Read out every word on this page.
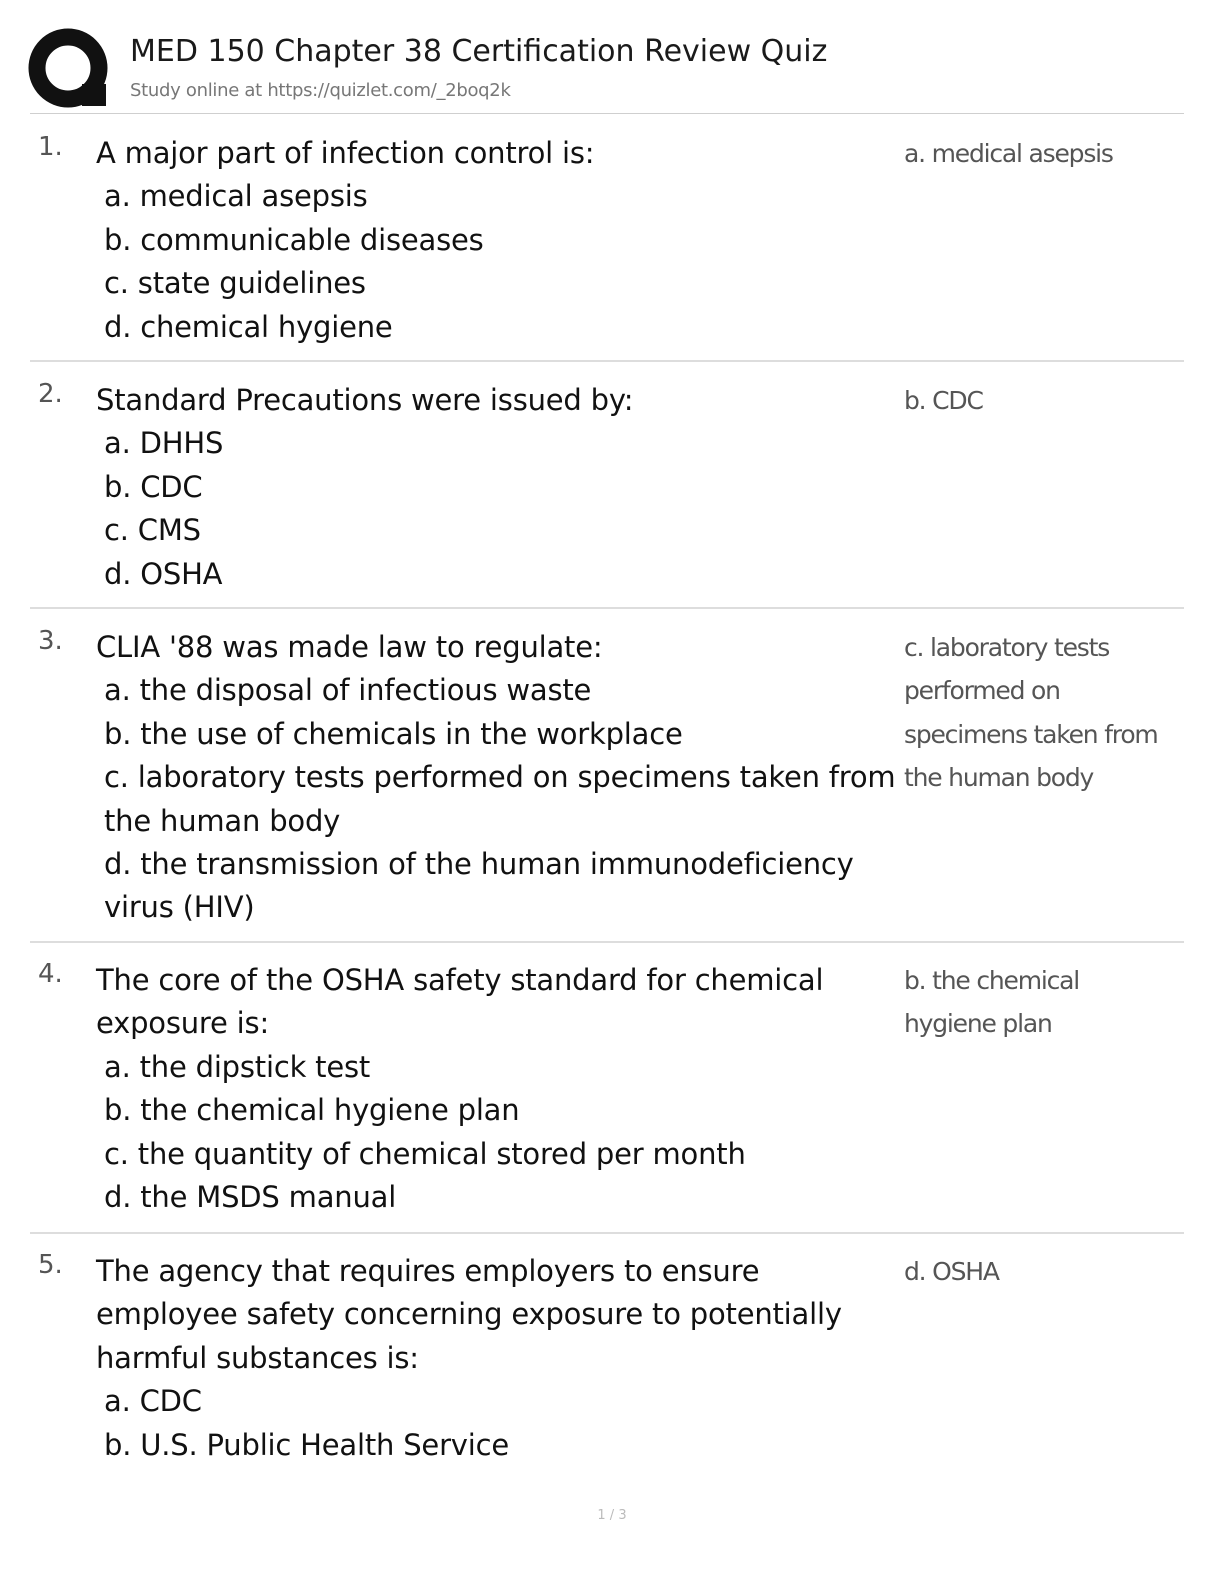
MED 150 Chapter 38 Certification Review Quiz
Study online at https://quizlet.com/_2boq2k
1. A major part of infection control is:
a. medical asepsis
b. communicable diseases
c. state guidelines
d. chemical hygiene
a. medical asepsis
2. Standard Precautions were issued by:
a. DHHS
b. CDC
c. CMS
d. OSHA
b. CDC
3. CLIA '88 was made law to regulate:
a. the disposal of infectious waste
b. the use of chemicals in the workplace
c. laboratory tests performed on specimens taken from the human body
d. the transmission of the human immunodeficiency virus (HIV)
c. laboratory tests performed on specimens taken from the human body
4. The core of the OSHA safety standard for chemical exposure is:
a. the dipstick test
b. the chemical hygiene plan
c. the quantity of chemical stored per month
d. the MSDS manual
b. the chemical hygiene plan
5. The agency that requires employers to ensure employee safety concerning exposure to potentially harmful substances is:
a. CDC
b. U.S. Public Health Service
d. OSHA
1 / 3
